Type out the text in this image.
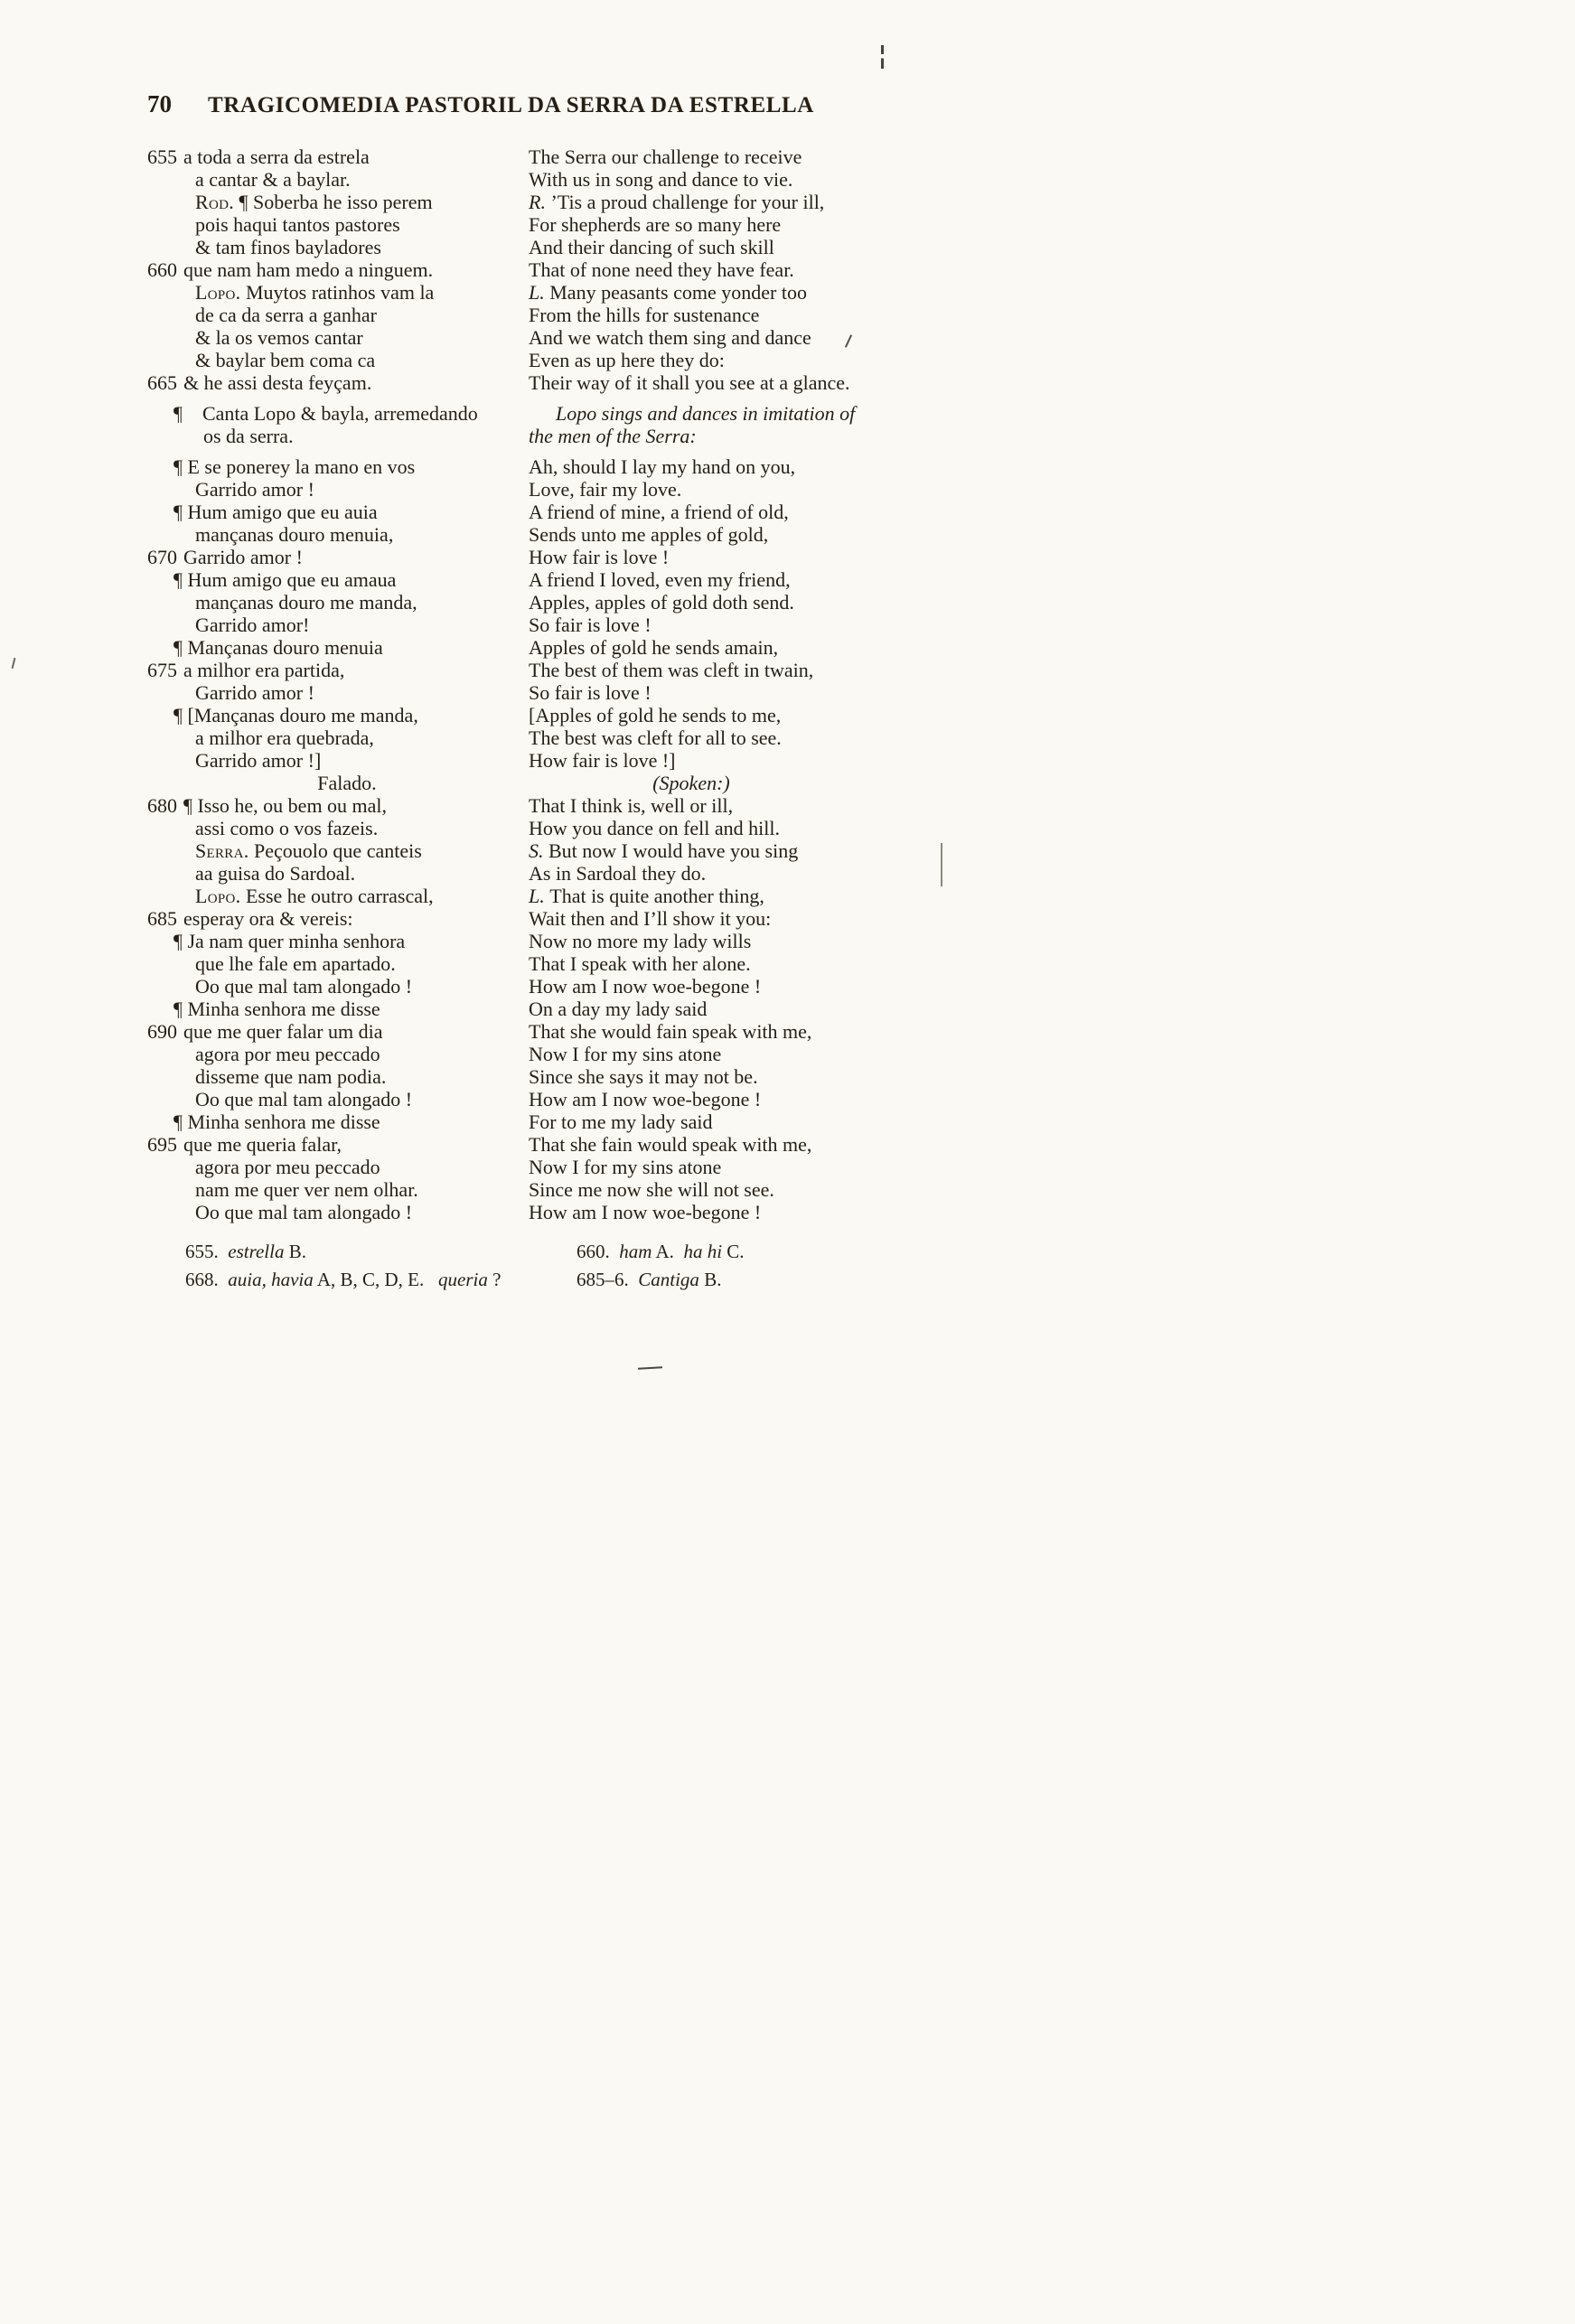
70 TRAGICOMEDIA PASTORIL DA SERRA DA ESTRELLA
655 a toda a serra da estrela
a cantar & a baylar.
Rod. ¶ Soberba he isso perem
pois haqui tantos pastores
& tam finos bayladores
660 que nam ham medo a ninguem.
Lopo. Muytos ratinhos vam la
de ca da serra a ganhar
& la os vemos cantar
& baylar bem coma ca
665 & he assi desta feyçam.
¶    Canta Lopo & bayla, arremedando
os da serra.
¶ E se ponerey la mano en vos
Garrido amor !
¶ Hum amigo que eu auia
mançanas douro menuia,
670 Garrido amor !
¶ Hum amigo que eu amaua
mançanas douro me manda,
Garrido amor!
¶ Mançanas douro menuia
675 a milhor era partida,
Garrido amor !
¶ [Mançanas douro me manda,
a milhor era quebrada,
Garrido amor !]
Falado.
680 ¶ Isso he, ou bem ou mal,
assi como o vos fazeis.
Serra. Peçouolo que canteis
aa guisa do Sardoal.
Lopo. Esse he outro carrascal,
685 esperay ora & vereis:
¶ Ja nam quer minha senhora
que lhe fale em apartado.
Oo que mal tam alongado !
¶ Minha senhora me disse
690 que me quer falar um dia
agora por meu peccado
disseme que nam podia.
Oo que mal tam alongado !
¶ Minha senhora me disse
695 que me queria falar,
agora por meu peccado
nam me quer ver nem olhar.
Oo que mal tam alongado !
The Serra our challenge to receive
With us in song and dance to vie.
R. ’Tis a proud challenge for your ill,
For shepherds are so many here
And their dancing of such skill
That of none need they have fear.
L. Many peasants come yonder too
From the hills for sustenance
And we watch them sing and dance
Even as up here they do:
Their way of it shall you see at a glance.
Lopo sings and dances in imitation of
the men of the Serra:
Ah, should I lay my hand on you,
Love, fair my love.
A friend of mine, a friend of old,
Sends unto me apples of gold,
How fair is love !
A friend I loved, even my friend,
Apples, apples of gold doth send.
So fair is love !
Apples of gold he sends amain,
The best of them was cleft in twain,
So fair is love !
[Apples of gold he sends to me,
The best was cleft for all to see.
How fair is love !]
(Spoken:)
That I think is, well or ill,
How you dance on fell and hill.
S. But now I would have you sing
As in Sardoal they do.
L. That is quite another thing,
Wait then and I’ll show it you:
Now no more my lady wills
That I speak with her alone.
How am I now woe-begone !
On a day my lady said
That she would fain speak with me,
Now I for my sins atone
Since she says it may not be.
How am I now woe-begone !
For to me my lady said
That she fain would speak with me,
Now I for my sins atone
Since me now she will not see.
How am I now woe-begone !
655.  estrella B.
668.  auia, havia A, B, C, D, E.   queria ?
660.  ham A.  ha hi C.
685–6.  Cantiga B.
